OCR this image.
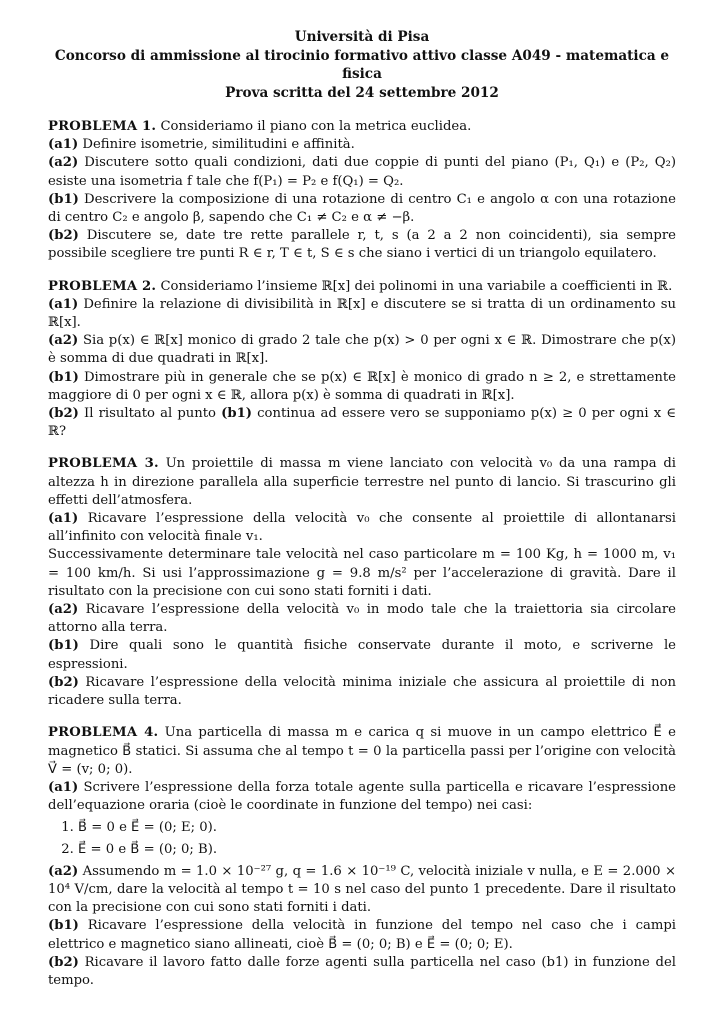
Università di Pisa
Concorso di ammissione al tirocinio formativo attivo classe A049 - matematica e fisica
Prova scritta del 24 settembre 2012

PROBLEMA 1. Consideriamo il piano con la metrica euclidea.

(a1) Definire isometrie, similitudini e affinità.

(a2) Discutere sotto quali condizioni, dati due coppie di punti del piano (P₁, Q₁) e (P₂, Q₂) esiste una isometria f tale che f(P₁) = P₂ e f(Q₁) = Q₂.

(b1) Descrivere la composizione di una rotazione di centro C₁ e angolo α con una rotazione di centro C₂ e angolo β, sapendo che C₁ ≠ C₂ e α ≠ −β.

(b2) Discutere se, date tre rette parallele r, t, s (a 2 a 2 non coincidenti), sia sempre possibile scegliere tre punti R ∈ r, T ∈ t, S ∈ s che siano i vertici di un triangolo equilatero.

PROBLEMA 2. Consideriamo l’insieme ℝ[x] dei polinomi in una variabile a coefficienti in ℝ.

(a1) Definire la relazione di divisibilità in ℝ[x] e discutere se si tratta di un ordinamento su ℝ[x].

(a2) Sia p(x) ∈ ℝ[x] monico di grado 2 tale che p(x) > 0 per ogni x ∈ ℝ. Dimostrare che p(x) è somma di due quadrati in ℝ[x].

(b1) Dimostrare più in generale che se p(x) ∈ ℝ[x] è monico di grado n ≥ 2, e strettamente maggiore di 0 per ogni x ∈ ℝ, allora p(x) è somma di quadrati in ℝ[x].

(b2) Il risultato al punto (b1) continua ad essere vero se supponiamo p(x) ≥ 0 per ogni x ∈ ℝ?

PROBLEMA 3. Un proiettile di massa m viene lanciato con velocità v₀ da una rampa di altezza h in direzione parallela alla superficie terrestre nel punto di lancio. Si trascurino gli effetti dell’atmosfera.

(a1) Ricavare l’espressione della velocità v₀ che consente al proiettile di allontanarsi all’infinito con velocità finale v₁.

Successivamente determinare tale velocità nel caso particolare m = 100 Kg, h = 1000 m, v₁ = 100 km/h. Si usi l’approssimazione g = 9.8 m/s² per l’accelerazione di gravità. Dare il risultato con la precisione con cui sono stati forniti i dati.

(a2) Ricavare l’espressione della velocità v₀ in modo tale che la traiettoria sia circolare attorno alla terra.

(b1) Dire quali sono le quantità fisiche conservate durante il moto, e scriverne le espressioni.

(b2) Ricavare l’espressione della velocità minima iniziale che assicura al proiettile di non ricadere sulla terra.

PROBLEMA 4. Una particella di massa m e carica q si muove in un campo elettrico E⃗ e magnetico B⃗ statici. Si assuma che al tempo t = 0 la particella passi per l’origine con velocità V⃗ = (v; 0; 0).

(a1) Scrivere l’espressione della forza totale agente sulla particella e ricavare l’espressione dell’equazione oraria (cioè le coordinate in funzione del tempo) nei casi:

1. B⃗ = 0 e E⃗ = (0; E; 0).
2. E⃗ = 0 e B⃗ = (0; 0; B).

(a2) Assumendo m = 1.0 × 10⁻²⁷ g, q = 1.6 × 10⁻¹⁹ C, velocità iniziale v nulla, e E = 2.000 × 10⁴ V/cm, dare la velocità al tempo t = 10 s nel caso del punto 1 precedente. Dare il risultato con la precisione con cui sono stati forniti i dati.

(b1) Ricavare l’espressione della velocità in funzione del tempo nel caso che i campi elettrico e magnetico siano allineati, cioè B⃗ = (0; 0; B) e E⃗ = (0; 0; E).

(b2) Ricavare il lavoro fatto dalle forze agenti sulla particella nel caso (b1) in funzione del tempo.
